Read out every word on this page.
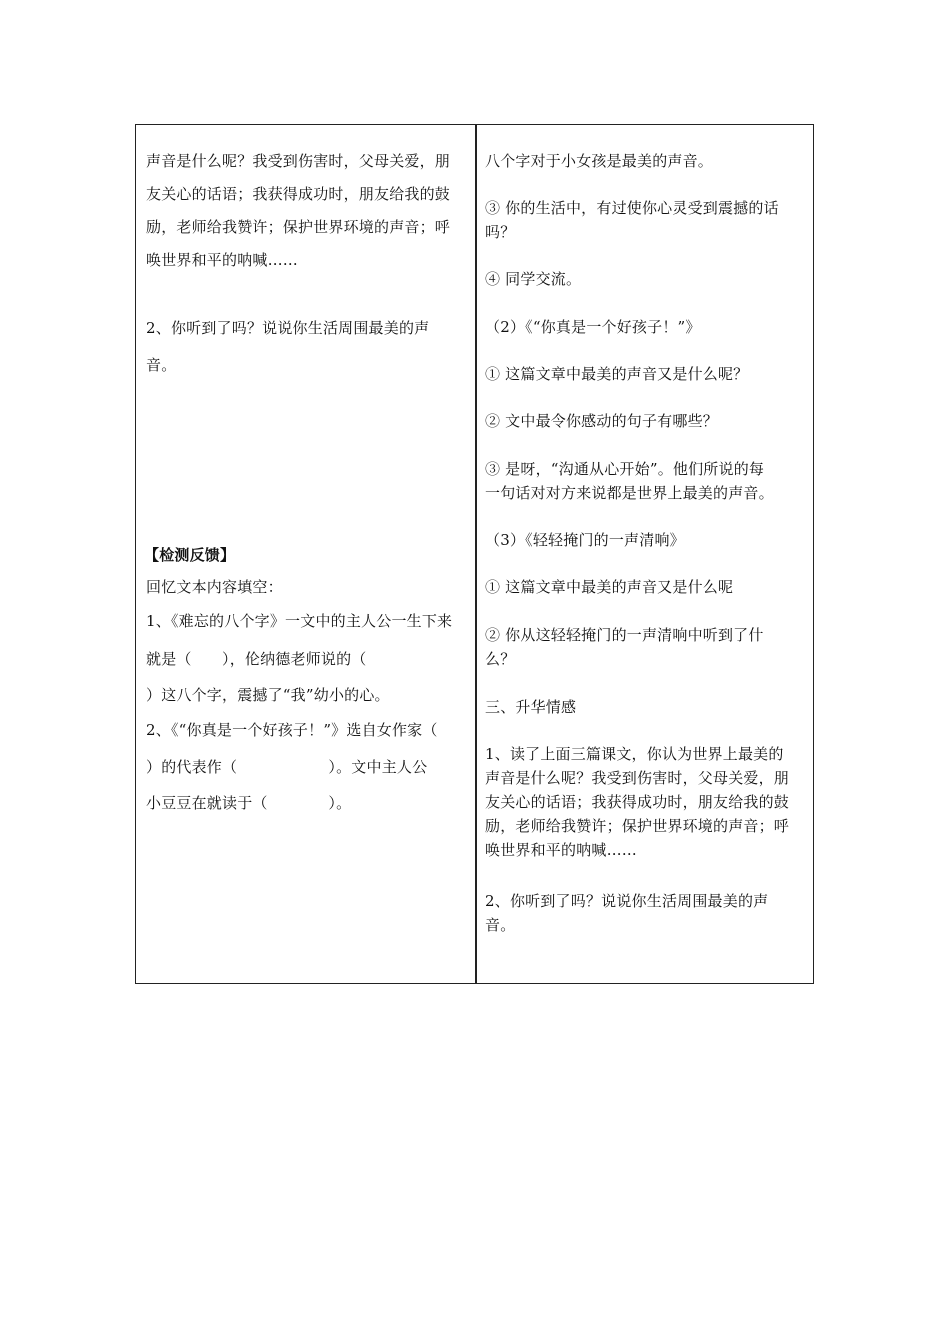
声音是什么呢？我受到伤害时，父母关爱，朋
友关心的话语；我获得成功时，朋友给我的鼓
励，老师给我赞许；保护世界环境的声音；呼
唤世界和平的呐喊……
2、你听到了吗？说说你生活周围最美的声
音。
【检测反馈】
回忆文本内容填空：
1、《难忘的八个字》一文中的主人公一生下来
就是（　　），伦纳德老师说的（
）这八个字，震撼了“我”幼小的心。
2、《“你真是一个好孩子！”》选自女作家（
）的代表作（　　　　　　）。文中主人公
小豆豆在就读于（　　　　）。
八个字对于小女孩是最美的声音。
③ 你的生活中，有过使你心灵受到震撼的话
吗？
④ 同学交流。
（2）《“你真是一个好孩子！”》
① 这篇文章中最美的声音又是什么呢？
② 文中最令你感动的句子有哪些？
③ 是呀，“沟通从心开始”。他们所说的每
一句话对对方来说都是世界上最美的声音。
（3）《轻轻掩门的一声清响》
① 这篇文章中最美的声音又是什么呢
② 你从这轻轻掩门的一声清响中听到了什
么？
三、升华情感
1、读了上面三篇课文，你认为世界上最美的
声音是什么呢？我受到伤害时，父母关爱，朋
友关心的话语；我获得成功时，朋友给我的鼓
励，老师给我赞许；保护世界环境的声音；呼
唤世界和平的呐喊……
2、你听到了吗？说说你生活周围最美的声
音。
